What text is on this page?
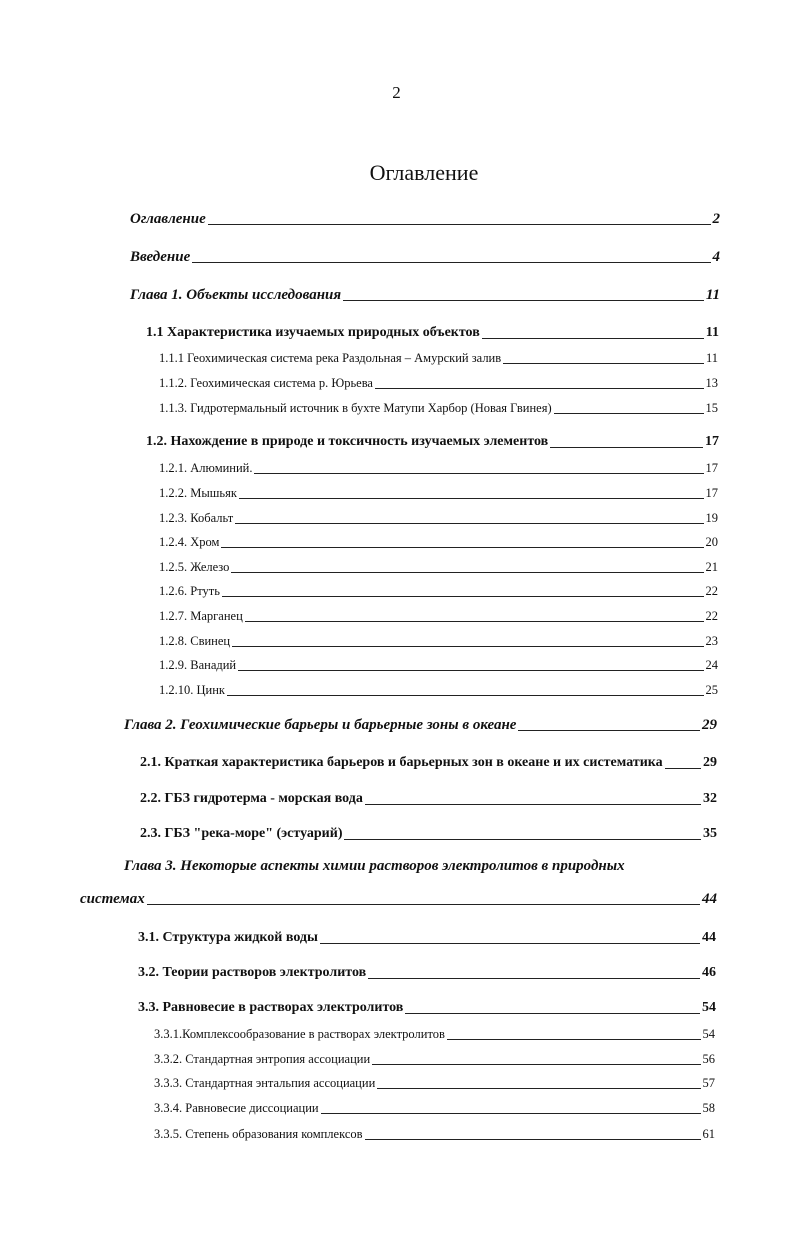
2
Оглавление
Оглавление	2
Введение	4
Глава 1. Объекты исследования	11
1.1 Характеристика изучаемых природных объектов	11
1.1.1 Геохимическая система река Раздольная – Амурский залив	11
1.1.2. Геохимическая система р. Юрьева	13
1.1.3. Гидротермальный источник в бухте Матупи Харбор (Новая Гвинея)	15
1.2. Нахождение в природе и токсичность изучаемых элементов	17
1.2.1. Алюминий.	17
1.2.2. Мышьяк	17
1.2.3. Кобальт	19
1.2.4. Хром	20
1.2.5. Железо	21
1.2.6. Ртуть	22
1.2.7. Марганец	22
1.2.8. Свинец	23
1.2.9. Ванадий	24
1.2.10. Цинк	25
Глава 2. Геохимические барьеры и барьерные зоны в океане	29
2.1. Краткая характеристика барьеров и барьерных зон в океане и их систематика	29
2.2. ГБЗ гидротерма - морская вода	32
2.3. ГБЗ "река-море" (эстуарий)	35
Глава 3. Некоторые аспекты химии растворов электролитов в природных
системах	44
3.1. Структура жидкой воды	44
3.2. Теории растворов электролитов	46
3.3. Равновесие в растворах электролитов	54
3.3.1.Комплексообразование в растворах электролитов	54
3.3.2. Стандартная энтропия ассоциации	56
3.3.3. Стандартная энтальпия ассоциации	57
3.3.4. Равновесие диссоциации	58
3.3.5. Степень образования комплексов	61
